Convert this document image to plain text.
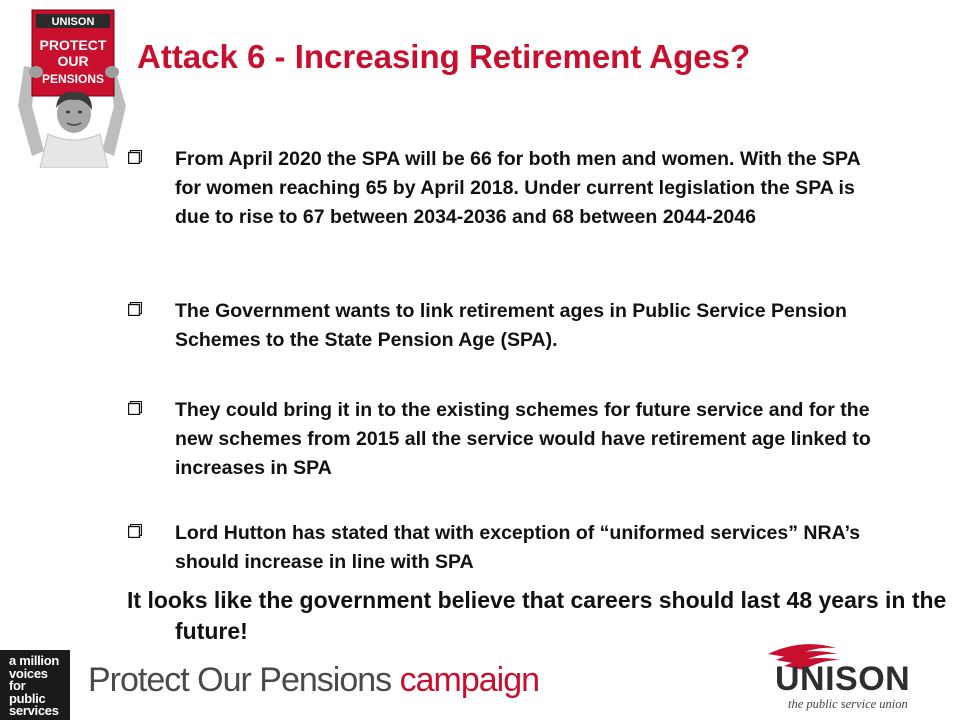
UNISON
PROTECT
OUR
PENSIONS
Attack 6 - Increasing Retirement Ages?
From April 2020 the SPA will be 66 for both men and women. With the SPA for women reaching 65 by April 2018. Under current legislation the SPA is due to rise to 67 between 2034-2036 and 68 between 2044-2046
The Government wants to link retirement ages in Public Service Pension Schemes to the State Pension Age (SPA).
They could bring it in to the existing schemes for future service and for the new schemes from 2015 all the service would have retirement age linked to increases in SPA
Lord Hutton has stated that with exception of “uniformed services” NRA’s should increase in line with SPA
It looks like the government believe that careers should last 48 years in the future!
a million
voices
for
public
services
Protect Our Pensions campaign	UNISON
the public service union
